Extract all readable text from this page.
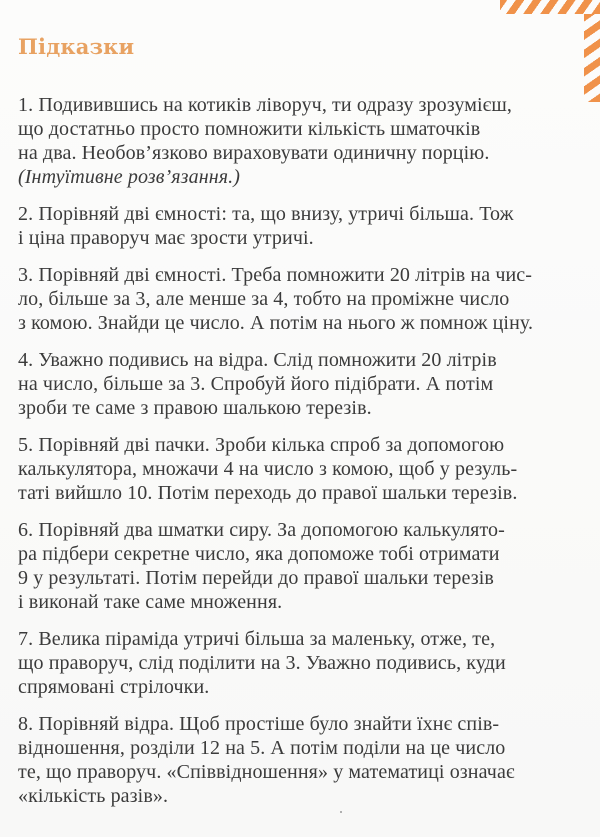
Підказки
1. Подивившись на котиків ліворуч, ти одразу зрозумієш,
що достатньо просто помножити кількість шматочків
на два. Необов’язково вираховувати одиничну порцію.
(Інтуїтивне розв’язання.)
2. Порівняй дві ємності: та, що внизу, утричі більша. Тож
і ціна праворуч має зрости утричі.
3. Порівняй дві ємності. Треба помножити 20 літрів на чис-
ло, більше за 3, але менше за 4, тобто на проміжне число
з комою. Знайди це число. А потім на нього ж помнож ціну.
4. Уважно подивись на відра. Слід помножити 20 літрів
на число, більше за 3. Спробуй його підібрати. А потім
зроби те саме з правою шалькою терезів.
5. Порівняй дві пачки. Зроби кілька спроб за допомогою
калькулятора, множачи 4 на число з комою, щоб у резуль-
таті вийшло 10. Потім переходь до правої шальки терезів.
6. Порівняй два шматки сиру. За допомогою калькулято-
ра підбери секретне число, яка допоможе тобі отримати
9 у результаті. Потім перейди до правої шальки терезів
і виконай таке саме множення.
7. Велика піраміда утричі більша за маленьку, отже, те,
що праворуч, слід поділити на 3. Уважно подивись, куди
спрямовані стрілочки.
8. Порівняй відра. Щоб простіше було знайти їхнє спів-
відношення, розділи 12 на 5. А потім поділи на це число
те, що праворуч. «Співвідношення» у математиці означає
«кількість разів».
